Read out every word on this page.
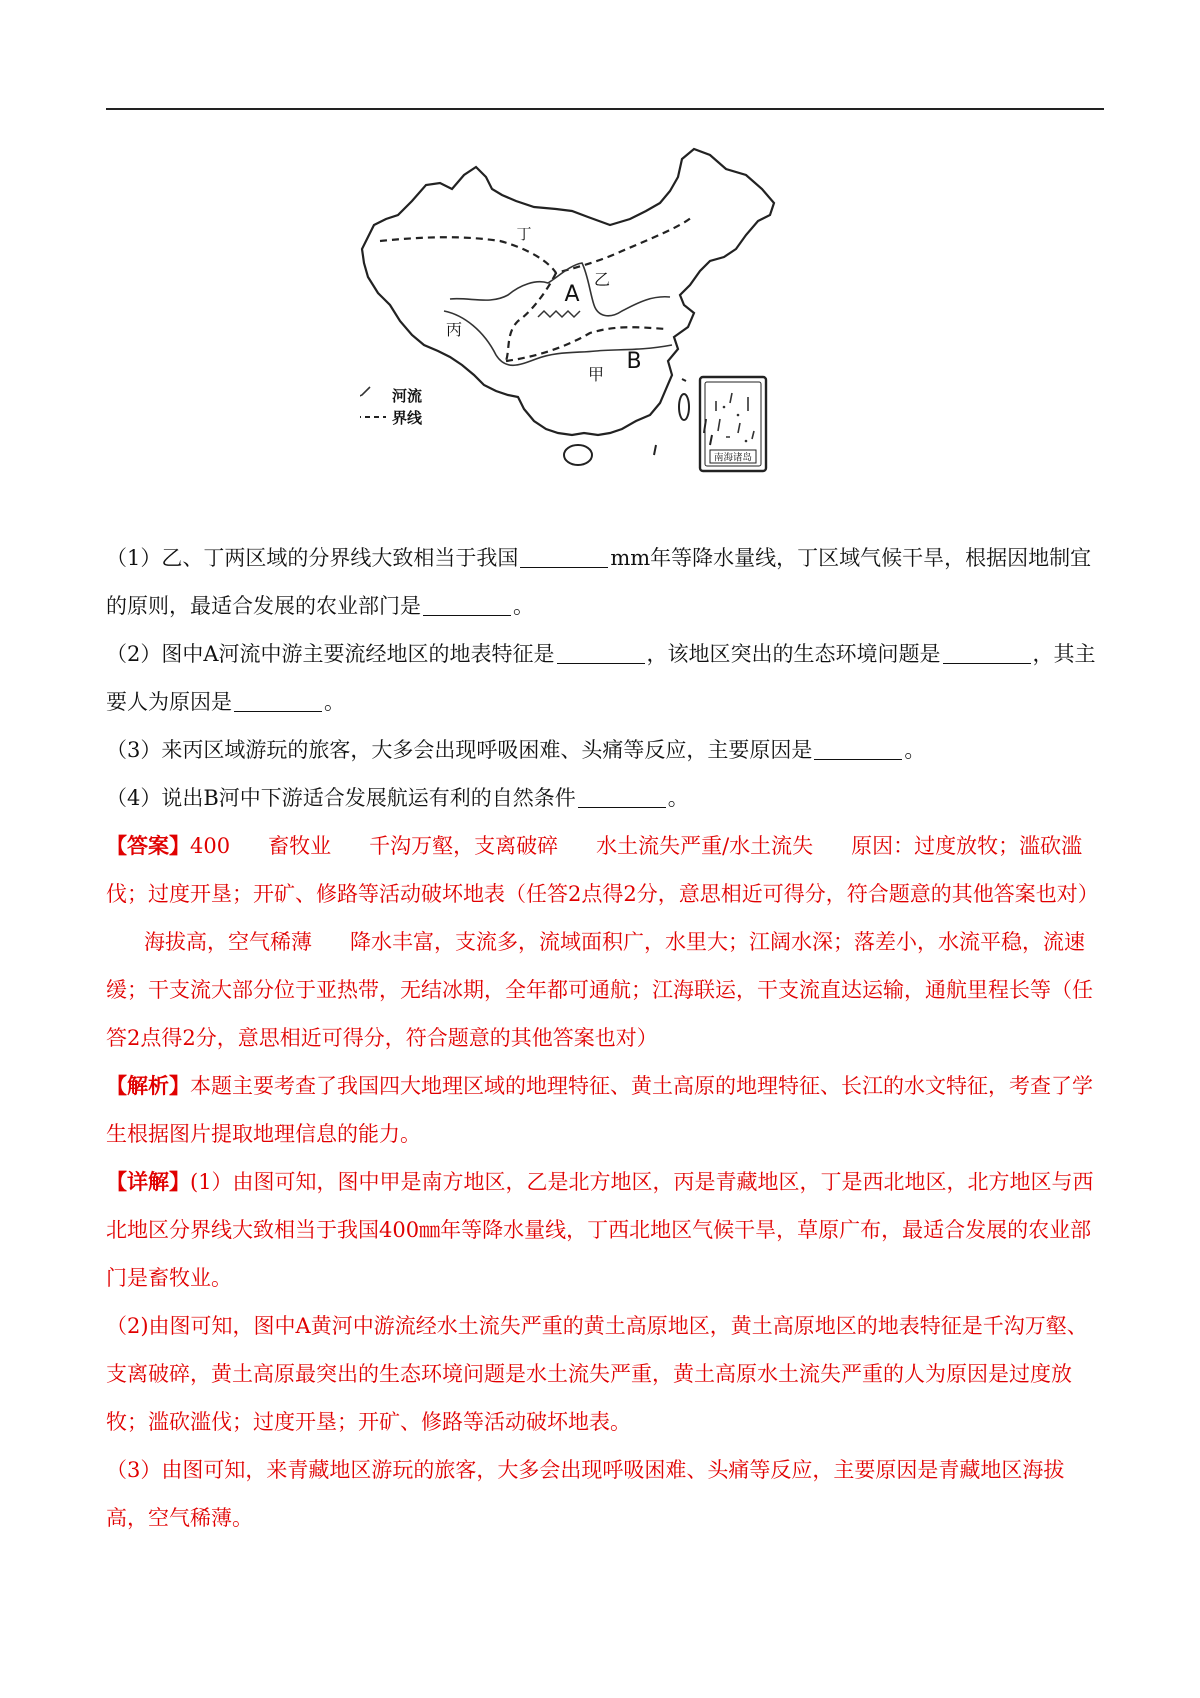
丁
乙
丙
甲
A
B
河流
界线
南海诸岛

（1）乙、丁两区域的分界线大致相当于我国	mm年等降水量线，丁区域气候干旱，根据因地制宜的原则，最适合发展的农业部门是	。

（2）图中A河流中游主要流经地区的地表特征是	，该地区突出的生态环境问题是	，其主要人为原因是	。

（3）来丙区域游玩的旅客，大多会出现呼吸困难、头痛等反应，主要原因是	。

（4）说出B河中下游适合发展航运有利的自然条件	。

【答案】400 畜牧业 千沟万壑，支离破碎 水土流失严重/水土流失 原因：过度放牧；滥砍滥伐；过度开垦；开矿、修路等活动破坏地表（任答2点得2分，意思相近可得分，符合题意的其他答案也对）海拔高，空气稀薄 降水丰富，支流多，流域面积广，水里大；江阔水深；落差小，水流平稳，流速缓；干支流大部分位于亚热带，无结冰期，全年都可通航；江海联运，干支流直达运输，通航里程长等（任答2点得2分，意思相近可得分，符合题意的其他答案也对）

【解析】本题主要考查了我国四大地理区域的地理特征、黄土高原的地理特征、长江的水文特征，考查了学生根据图片提取地理信息的能力。

【详解】(1）由图可知，图中甲是南方地区，乙是北方地区，丙是青藏地区，丁是西北地区，北方地区与西北地区分界线大致相当于我国400㎜年等降水量线，丁西北地区气候干旱，草原广布，最适合发展的农业部门是畜牧业。

（2)由图可知，图中A黄河中游流经水土流失严重的黄土高原地区，黄土高原地区的地表特征是千沟万壑、支离破碎，黄土高原最突出的生态环境问题是水土流失严重，黄土高原水土流失严重的人为原因是过度放牧；滥砍滥伐；过度开垦；开矿、修路等活动破坏地表。

（3）由图可知，来青藏地区游玩的旅客，大多会出现呼吸困难、头痛等反应，主要原因是青藏地区海拔高，空气稀薄。
